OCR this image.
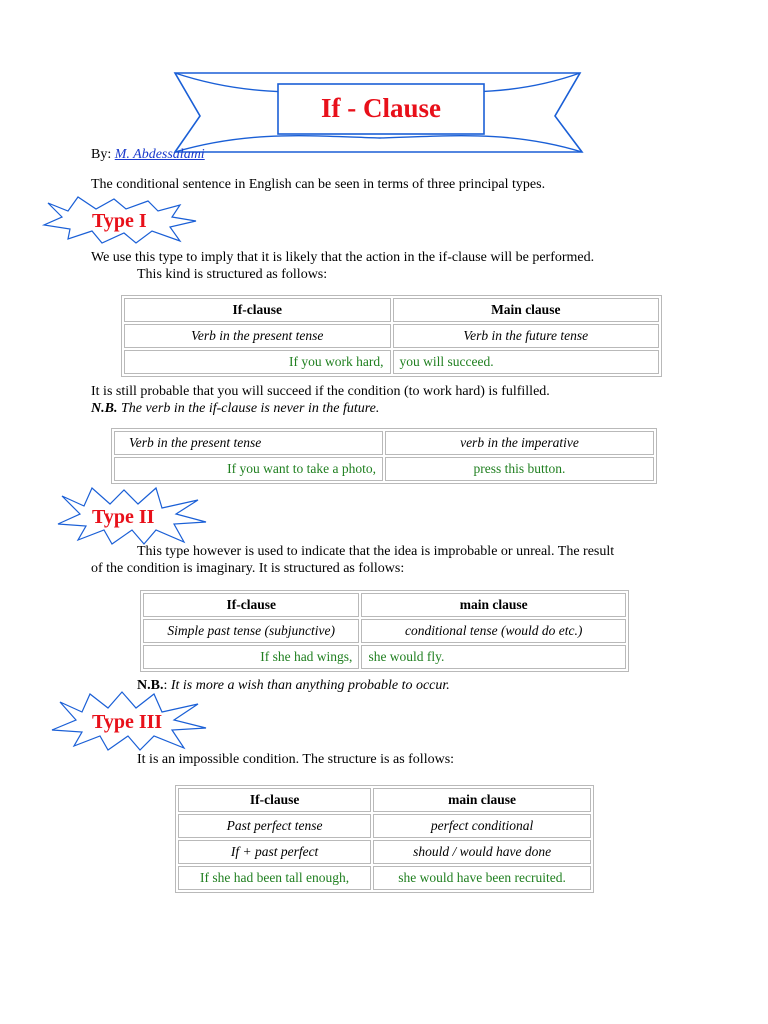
If - Clause
By: M. Abdessalami
The conditional sentence in English can be seen in terms of three principal types.
Type I
We use this type to imply that it is likely that the action in the if-clause will be performed.
This kind is structured as follows:
If-clause	Main clause
Verb in the present tense	Verb in the future tense
If you work hard,	you will succeed.
It is still probable that you will succeed if the condition (to work hard) is fulfilled.
N.B. The verb in the if-clause is never in the future.
Verb in the present tense	verb in the imperative
If you want to take a photo,	press this button.
Type II
This type however is used to indicate that the idea is improbable or unreal. The result
of the condition is imaginary. It is structured as follows:
If-clause	main clause
Simple past tense (subjunctive)	conditional tense (would do etc.)
If she had wings,	she would fly.
N.B.: It is more a wish than anything probable to occur.
Type III
It is an impossible condition. The structure is as follows:
If-clause	main clause
Past perfect tense	perfect conditional
If + past perfect	should / would have done
If she had been tall enough,	she would have been recruited.
